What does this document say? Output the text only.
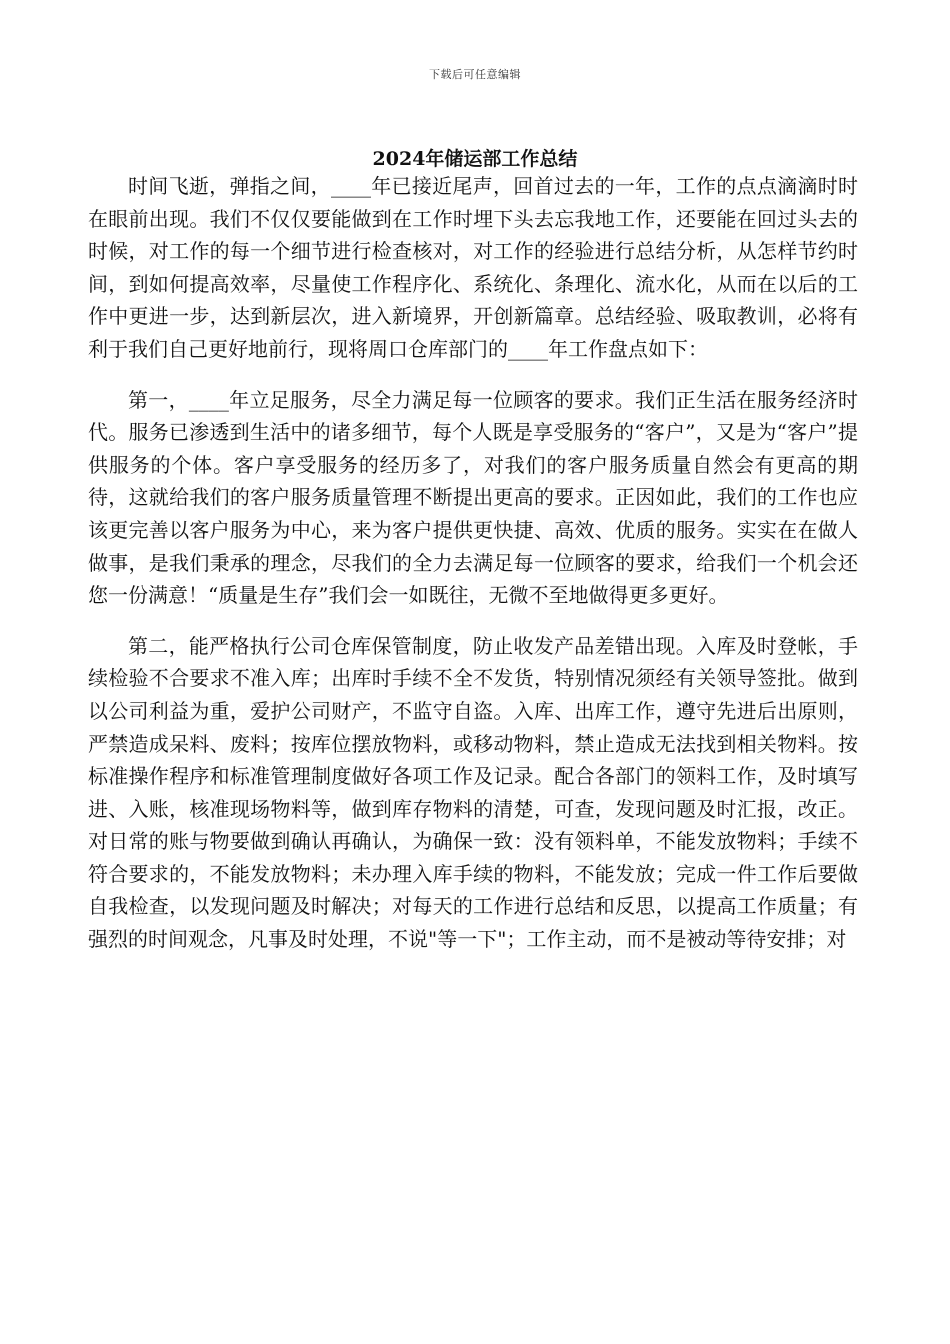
下载后可任意编辑
2024年储运部工作总结

时间飞逝，弹指之间，____年已接近尾声，回首过去的一年，工作的点点滴滴时时在眼前出现。我们不仅仅要能做到在工作时埋下头去忘我地工作，还要能在回过头去的时候，对工作的每一个细节进行检查核对，对工作的经验进行总结分析，从怎样节约时间，到如何提高效率，尽量使工作程序化、系统化、条理化、流水化，从而在以后的工作中更进一步，达到新层次，进入新境界，开创新篇章。总结经验、吸取教训，必将有利于我们自己更好地前行，现将周口仓库部门的____年工作盘点如下：

第一，____年立足服务，尽全力满足每一位顾客的要求。我们正生活在服务经济时代。服务已渗透到生活中的诸多细节，每个人既是享受服务的“客户”，又是为“客户”提供服务的个体。客户享受服务的经历多了，对我们的客户服务质量自然会有更高的期待，这就给我们的客户服务质量管理不断提出更高的要求。正因如此，我们的工作也应该更完善以客户服务为中心，来为客户提供更快捷、高效、优质的服务。实实在在做人做事，是我们秉承的理念，尽我们的全力去满足每一位顾客的要求，给我们一个机会还您一份满意！“质量是生存”我们会一如既往，无微不至地做得更多更好。

第二，能严格执行公司仓库保管制度，防止收发产品差错出现。入库及时登帐，手续检验不合要求不准入库；出库时手续不全不发货，特别情况须经有关领导签批。做到以公司利益为重，爱护公司财产，不监守自盗。入库、出库工作，遵守先进后出原则，严禁造成呆料、废料；按库位摆放物料，或移动物料，禁止造成无法找到相关物料。按标准操作程序和标准管理制度做好各项工作及记录。配合各部门的领料工作，及时填写进、入账，核准现场物料等，做到库存物料的清楚，可查，发现问题及时汇报，改正。对日常的账与物要做到确认再确认，为确保一致：没有领料单，不能发放物料；手续不符合要求的，不能发放物料；未办理入库手续的物料，不能发放；完成一件工作后要做自我检查，以发现问题及时解决；对每天的工作进行总结和反思，以提高工作质量；有强烈的时间观念，凡事及时处理，不说"等一下"；工作主动，而不是被动等待安排；对
